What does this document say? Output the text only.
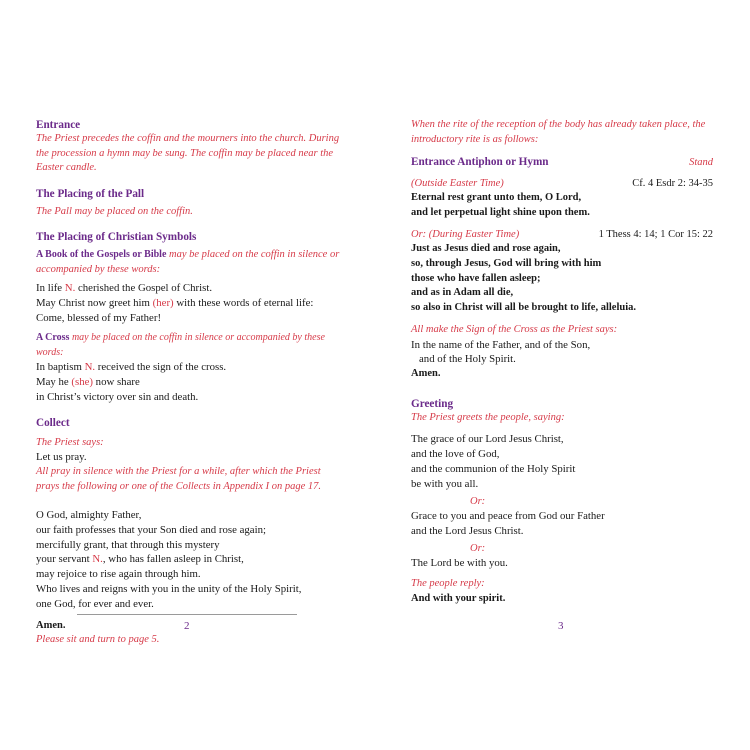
Entrance
The Priest precedes the coffin and the mourners into the church. During the procession a hymn may be sung. The coffin may be placed near the Easter candle.
The Placing of the Pall
The Pall may be placed on the coffin.
The Placing of Christian Symbols
A Book of the Gospels or Bible may be placed on the coffin in silence or accompanied by these words:
In life N. cherished the Gospel of Christ.
May Christ now greet him (her) with these words of eternal life:
Come, blessed of my Father!
A Cross may be placed on the coffin in silence or accompanied by these words:
In baptism N. received the sign of the cross.
May he (she) now share
in Christ’s victory over sin and death.
Collect
The Priest says:
Let us pray.
All pray in silence with the Priest for a while, after which the Priest prays the following or one of the Collects in Appendix I on page 17.
O God, almighty Father,
our faith professes that your Son died and rose again;
mercifully grant, that through this mystery
your servant N., who has fallen asleep in Christ,
may rejoice to rise again through him.
Who lives and reigns with you in the unity of the Holy Spirit,
one God, for ever and ever.
Amen.
Please sit and turn to page 5.
2
When the rite of the reception of the body has already taken place, the introductory rite is as follows:
Entrance Antiphon or Hymn	Stand
(Outside Easter Time)	Cf. 4 Esdr 2: 34-35
Eternal rest grant unto them, O Lord,
and let perpetual light shine upon them.
Or: (During Easter Time)	1 Thess 4: 14; 1 Cor 15: 22
Just as Jesus died and rose again,
so, through Jesus, God will bring with him
those who have fallen asleep;
and as in Adam all die,
so also in Christ will all be brought to life, alleluia.
All make the Sign of the Cross as the Priest says:
In the name of the Father, and of the Son,
and of the Holy Spirit.
Amen.
Greeting
The Priest greets the people, saying:
The grace of our Lord Jesus Christ,
and the love of God,
and the communion of the Holy Spirit
be with you all.
Or:
Grace to you and peace from God our Father
and the Lord Jesus Christ.
Or:
The Lord be with you.
The people reply:
And with your spirit.
3
